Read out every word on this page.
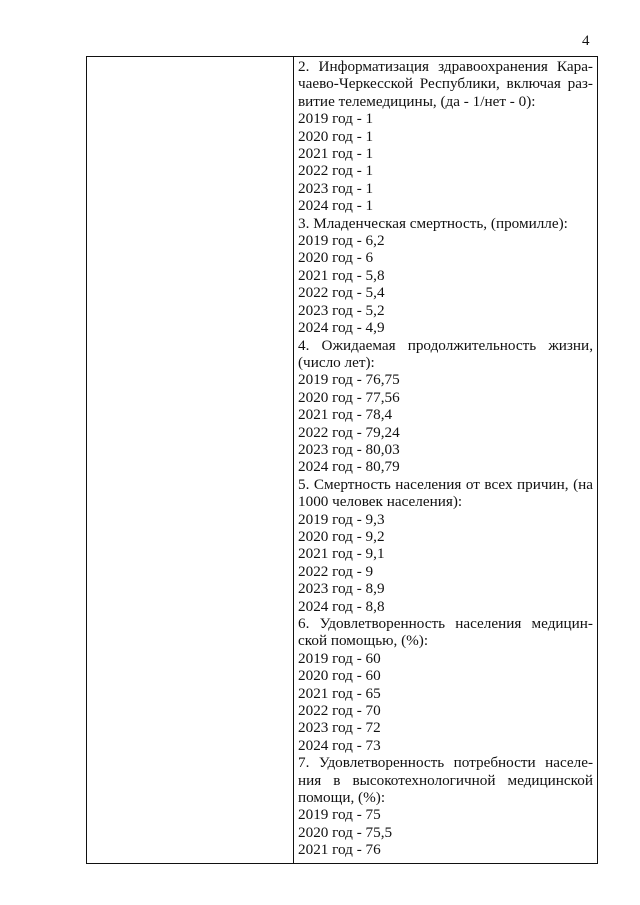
4
2. Информатизация здравоохранения Кара-
чаево-Черкесской Республики, включая раз-
витие телемедицины, (да - 1/нет - 0):
2019 год - 1
2020 год - 1
2021 год - 1
2022 год - 1
2023 год - 1
2024 год - 1
3. Младенческая смертность, (промилле):
2019 год - 6,2
2020 год - 6
2021 год - 5,8
2022 год - 5,4
2023 год - 5,2
2024 год - 4,9
4. Ожидаемая продолжительность жизни,
(число лет):
2019 год - 76,75
2020 год - 77,56
2021 год - 78,4
2022 год - 79,24
2023 год - 80,03
2024 год - 80,79
5. Смертность населения от всех причин, (на
1000 человек населения):
2019 год - 9,3
2020 год - 9,2
2021 год - 9,1
2022 год - 9
2023 год - 8,9
2024 год - 8,8
6. Удовлетворенность населения медицин-
ской помощью, (%):
2019 год - 60
2020 год - 60
2021 год - 65
2022 год - 70
2023 год - 72
2024 год - 73
7. Удовлетворенность потребности населе-
ния в высокотехнологичной медицинской
помощи, (%):
2019 год - 75
2020 год - 75,5
2021 год - 76
